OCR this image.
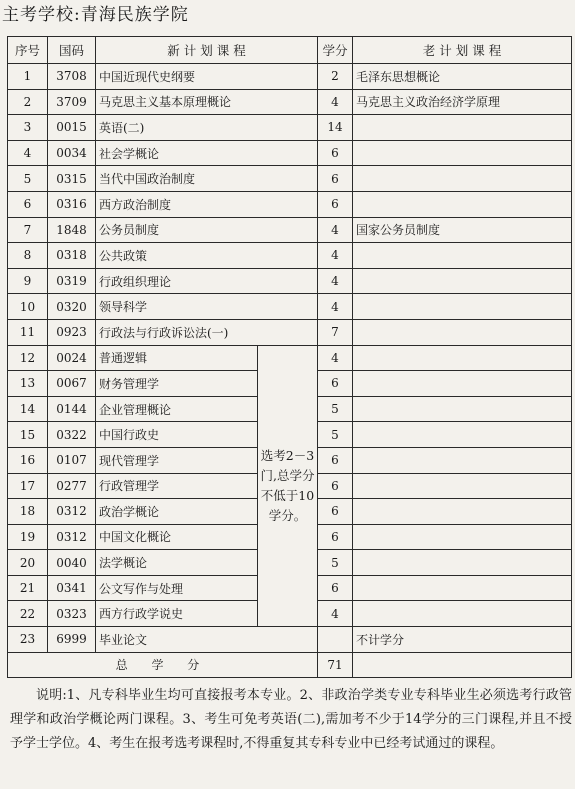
主考学校:青海民族学院
序号	国码	新 计 划 课 程		学分	老 计 划 课 程
1	3708	中国近现代史纲要		2	毛泽东思想概论
2	3709	马克思主义基本原理概论		4	马克思主义政治经济学原理
3	0015	英语(二)		14	
4	0034	社会学概论		6	
5	0315	当代中国政治制度		6	
6	0316	西方政治制度		6	
7	1848	公务员制度		4	国家公务员制度
8	0318	公共政策		4	
9	0319	行政组织理论		4	
10	0320	领导科学		4	
11	0923	行政法与行政诉讼法(一)		7	
12	0024	普通逻辑	选考2－3门,总学分不低于10学分。	4	
13	0067	财务管理学		6	
14	0144	企业管理概论		5	
15	0322	中国行政史		5	
16	0107	现代管理学		6	
17	0277	行政管理学		6	
18	0312	政治学概论		6	
19	0312	中国文化概论		6	
20	0040	法学概论		5	
21	0341	公文写作与处理		6	
22	0323	西方行政学说史		4	
23	6999	毕业论文			不计学分
总 学 分				71	
说明:1、凡专科毕业生均可直接报考本专业。2、非政治学类专业专科毕业生必须选考行政管理学和政治学概论两门课程。3、考生可免考英语(二),需加考不少于14学分的三门课程,并且不授予学士学位。4、考生在报考选考课程时,不得重复其专科专业中已经考试通过的课程。
